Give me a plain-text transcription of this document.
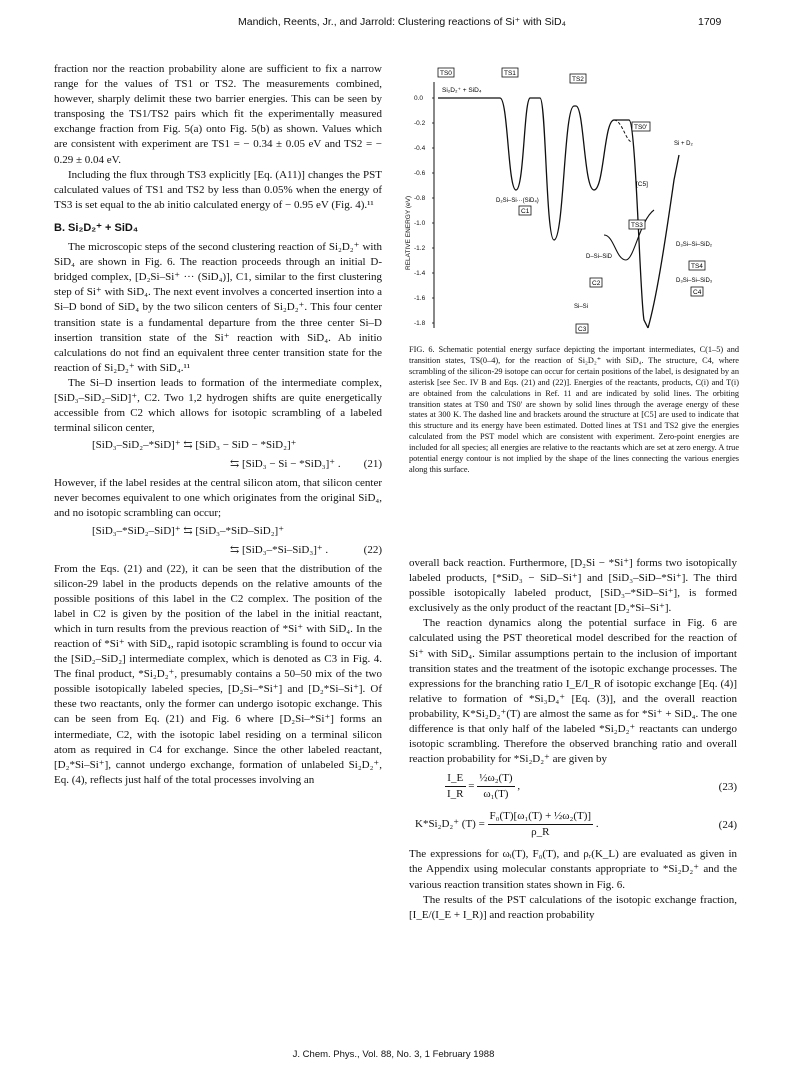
Mandich, Reents, Jr., and Jarrold: Clustering reactions of Si⁺ with SiD₄	1709

fraction nor the reaction probability alone are sufficient to fix a narrow range for the values of TS1 or TS2. The measurements combined, however, sharply delimit these two barrier energies. This can be seen by transposing the TS1/TS2 pairs which fit the experimentally measured exchange fraction from Fig. 5(a) onto Fig. 5(b) as shown. Values which are consistent with experiment are TS1 = − 0.34 ± 0.05 eV and TS2 = − 0.29 ± 0.04 eV.

Including the flux through TS3 explicitly [Eq. (A11)] changes the PST calculated values of TS1 and TS2 by less than 0.05% when the energy of TS3 is set equal to the ab initio calculated energy of − 0.95 eV (Fig. 4).¹¹

B. Si₂D₂⁺ + SiD₄

The microscopic steps of the second clustering reaction of Si₂D₂⁺ with SiD₄ are shown in Fig. 6. The reaction proceeds through an initial D-bridged complex, [D₂Si–Si⁺ ··· (SiD₄)], C1, similar to the first clustering step of Si⁺ with SiD₄. The next event involves a concerted insertion into a Si–D bond of SiD₄ by the two silicon centers of Si₂D₂⁺. This four center transition state is a fundamental departure from the three center Si–D insertion transition state of the Si⁺ reaction with SiD₄. Ab initio calculations do not find an equivalent three center transition state for the reaction of Si₂D₂⁺ with SiD₄.¹¹

The Si–D insertion leads to formation of the intermediate complex, [SiD₃–SiD₂–SiD]⁺, C2. Two 1,2 hydrogen shifts are quite energetically accessible from C2 which allows for isotopic scrambling of a labeled terminal silicon center,

[SiD₃–SiD₂–*SiD]⁺ ⇆ [SiD₃ − SiD − *SiD₂]⁺
⇆ [SiD₃ − Si − *SiD₃]⁺ . (21)

However, if the label resides at the central silicon atom, that silicon center never becomes equivalent to one which originates from the original SiD₄, and no isotopic scrambling can occur;

[SiD₃–*SiD₂–SiD]⁺ ⇆ [SiD₃–*SiD–SiD₂]⁺
⇆ [SiD₃–*Si–SiD₃]⁺ .	(22)

From the Eqs. (21) and (22), it can be seen that the distribution of the silicon-29 label in the products depends on the relative amounts of the possible positions of this label in the C2 complex. The position of the label in C2 is given by the position of the label in the initial reactant, which in turn results from the previous reaction of *Si⁺ with SiD₄. In the reaction of *Si⁺ with SiD₄, rapid isotopic scrambling is found to occur via the [SiD₂–SiD₂] intermediate complex, which is denoted as C3 in Fig. 4. The final product, *Si₂D₂⁺, presumably contains a 50–50 mix of the two possible isotopically labeled species, [D₂Si–*Si⁺] and [D₂*Si–Si⁺]. Of these two reactants, only the former can undergo isotopic exchange. This can be seen from Eq. (21) and Fig. 6 where [D₂Si–*Si⁺] forms an intermediate, C2, with the isotopic label residing on a terminal silicon atom as required in C4 for exchange. Since the other labeled reactant, [D₂*Si–Si⁺], cannot undergo exchange, formation of unlabeled Si₂D₂⁺, Eq. (4), reflects just half of the total processes involving an

0.0
-0.2
-0.4
-0.6
-0.8
-1.0
-1.2
-1.4
-1.6
-1.8
RELATIVE ENERGY (eV)
TS0	TS1
TS2
TS0′
TS3
TS4
Si₂D₂⁺ + SiD₄
D₂Si–Si···(SiD₄)
C1
Si + D₂
[C5]
D–Si–SiD
C2
Si–Si
C3
D₃Si–Si–SiD₂
D₃Si–Si–SiD₃
C4
FIG. 6. Schematic potential energy surface depicting the important intermediates, C(1–5) and transition states, TS(0–4), for the reaction of Si₂D₂⁺ with SiD₄. The structure, C4, where scrambling of the silicon-29 isotope can occur for certain positions of the label, is designated by an asterisk [see Sec. IV B and Eqs. (21) and (22)]. Energies of the reactants, products, C(i) and T(i) are obtained from the calculations in Ref. 11 and are indicated by solid lines. The orbiting transition states at TS0 and TS0′ are shown by solid lines through the average energy of these states at 300 K. The dashed line and brackets around the structure at [C5] are used to indicate that this structure and its energy have been estimated. Dotted lines at TS1 and TS2 give the energies calculated from the PST model which are consistent with experiment. Zero-point energies are included for all species; all energies are relative to the reactants which are set at zero energy. A true potential energy contour is not implied by the shape of the lines connecting the various energies along this surface.

overall back reaction. Furthermore, [D₂Si − *Si⁺] forms two isotopically labeled products, [*SiD₃ − SiD–Si⁺] and [SiD₃–SiD–*Si⁺]. The third possible isotopically labeled product, [SiD₃–*SiD–Si⁺], is formed exclusively as the only product of the reactant [D₂*Si–Si⁺].

The reaction dynamics along the potential surface in Fig. 6 are calculated using the PST theoretical model described for the reaction of Si⁺ with SiD₄. Similar assumptions pertain to the inclusion of important transition states and the treatment of the isotopic exchange processes. The expressions for the branching ratio I_E/I_R of isotopic exchange [Eq. (4)] relative to formation of *Si₃D₄⁺ [Eq. (3)], and the overall reaction probability, K*Si₂D₂⁺(T) are almost the same as for *Si⁺ + SiD₄. The one difference is that only half of the labeled *Si₂D₂⁺ reactants can undergo isotopic scrambling. Therefore the observed branching ratio and overall reaction probability for *Si₂D₂⁺ are given by

$\frac{I\_E}{I\_R} = \frac{\text{½ω₂(T)}}{\text{ω₁(T)}}$ ,	(23)
K*Si₂D₂⁺ $(T) = \frac{\text{F₀(T)[ω₁(T) + ½ω₂(T)]}}{\rho\_R}$ .	(24)

The expressions for ωᵢ(T), F₀(T), and ρᵣ(K_L) are evaluated as given in the Appendix using molecular constants appropriate to *Si₂D₂⁺ and the various reaction transition states shown in Fig. 6.

The results of the PST calculations of the isotopic exchange fraction, [I_E/(I_E + I_R)] and reaction probability

J. Chem. Phys., Vol. 88, No. 3, 1 February 1988
